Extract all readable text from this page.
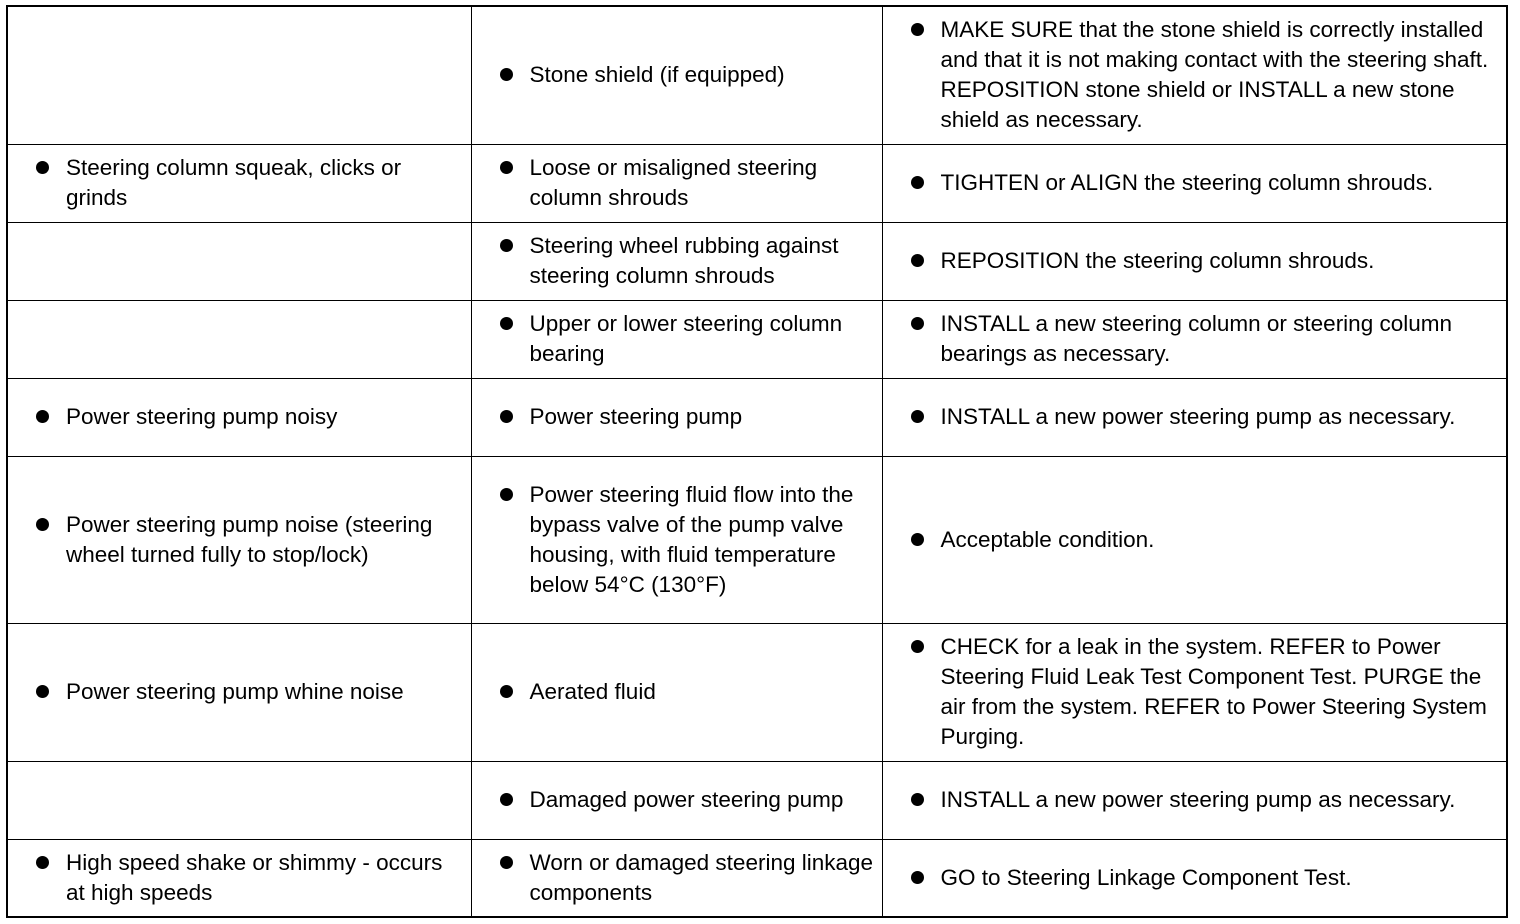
	Stone shield (if equipped)	MAKE SURE that the stone shield is correctly installed and that it is not making contact with the steering shaft. REPOSITION stone shield or INSTALL a new stone shield as necessary.

Steering column squeak, clicks or grinds	Loose or misaligned steering column shrouds	TIGHTEN or ALIGN the steering column shrouds.

	Steering wheel rubbing against steering column shrouds	REPOSITION the steering column shrouds.

	Upper or lower steering column bearing	INSTALL a new steering column or steering column bearings as necessary.

Power steering pump noisy	Power steering pump	INSTALL a new power steering pump as necessary.

Power steering pump noise (steering wheel turned fully to stop/lock)	Power steering fluid flow into the bypass valve of the pump valve housing, with fluid temperature below 54°C (130°F)	Acceptable condition.

Power steering pump whine noise	Aerated fluid	CHECK for a leak in the system. REFER to Power Steering Fluid Leak Test Component Test. PURGE the air from the system. REFER to Power Steering System Purging.

	Damaged power steering pump	INSTALL a new power steering pump as necessary.

High speed shake or shimmy - occurs at high speeds	Worn or damaged steering linkage components	GO to Steering Linkage Component Test.
